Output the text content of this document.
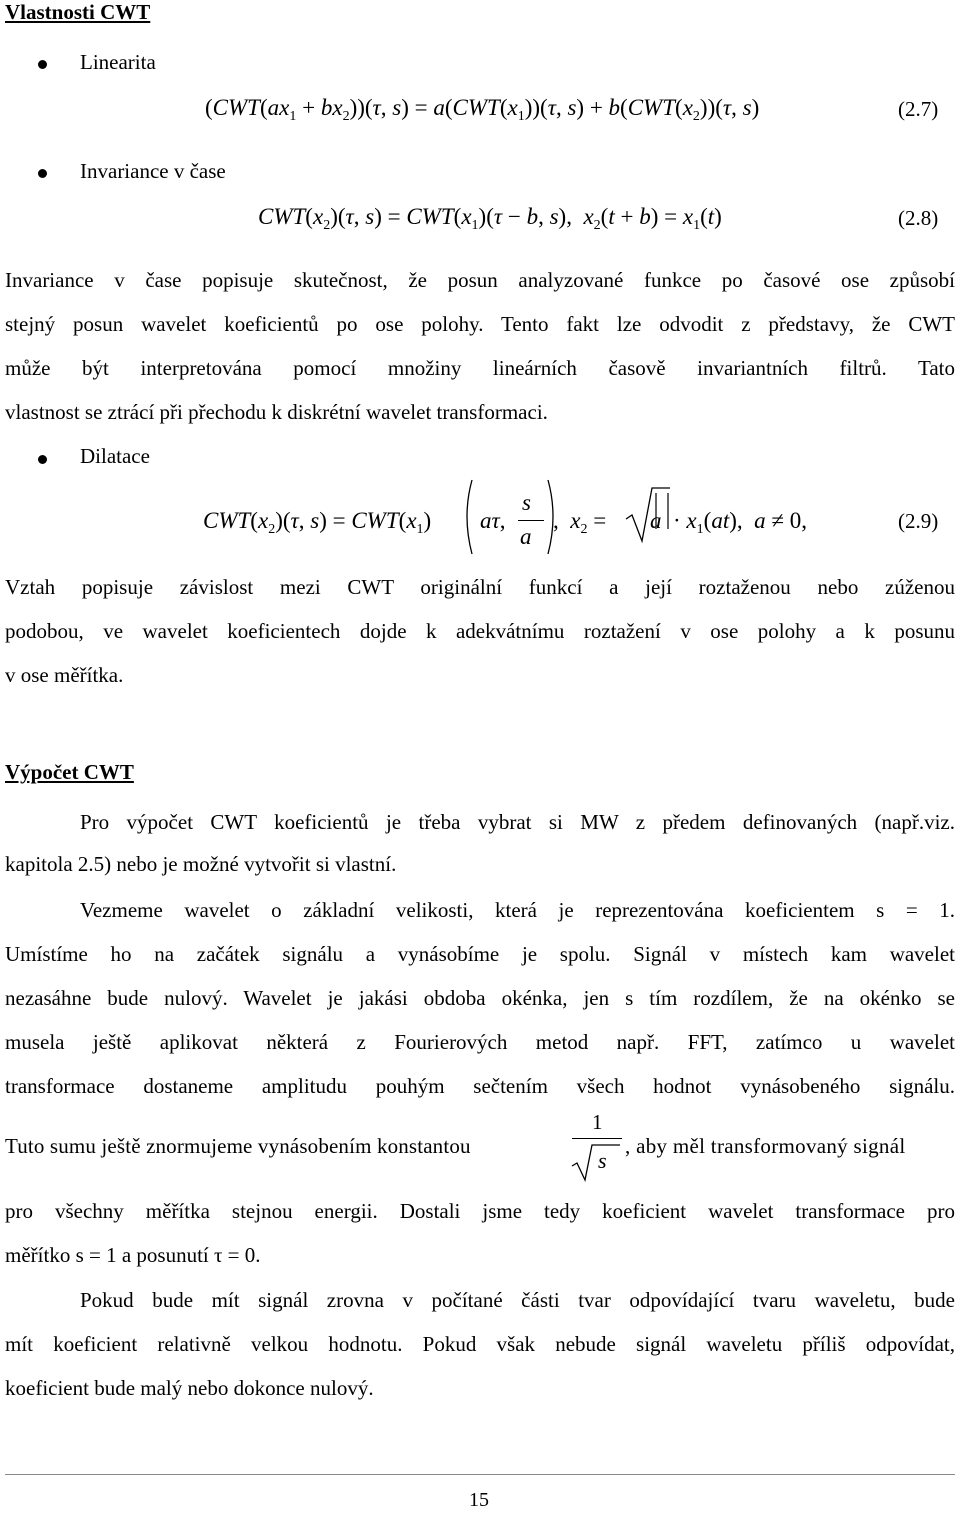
Vlastnosti CWT
Linearita
$(CWT(ax_1 + bx_2))(\tau$, $s) = a(CWT(x_1))(\tau$, $s) + b(CWT(x_2))(\tau$, s)	(2.7)
Invariance v čase
$CWT(x_2)(\tau$, $s) = CWT(x_1)(\tau - b$, s),  $x_2(t + b) = x_1(t)$	(2.8)
Invariance v čase popisuje skutečnost, že posun analyzované funkce po časové ose způsobí
stejný posun wavelet koeficientů po ose polohy. Tento fakt lze odvodit z představy, že CWT
může být interpretována pomocí množiny lineárních časově invariantních filtrů. Tato
vlastnost se ztrácí při přechodu k diskrétní wavelet transformaci.
Dilatace
$CWT(x_2)(\tau$, $s) = CWT(x_1)$ aτ,
s
a
,  $x_2 = a \cdot x_1(at)$,  a ≠ 0,	(2.9)
Vztah popisuje závislost mezi CWT originální funkcí a její roztaženou nebo zúženou
podobou, ve wavelet koeficientech dojde k adekvátnímu roztažení v ose polohy a k posunu
v ose měřítka.
Výpočet CWT
Pro výpočet CWT koeficientů je třeba vybrat si MW z předem definovaných (např.viz.
kapitola 2.5) nebo je možné vytvořit si vlastní.
Vezmeme wavelet o základní velikosti, která je reprezentována koeficientem s = 1.
Umístíme ho na začátek signálu a vynásobíme je spolu. Signál v místech kam wavelet
nezasáhne bude nulový. Wavelet je jakási obdoba okénka, jen s tím rozdílem, že na okénko se
musela ještě aplikovat některá z Fourierových metod např. FFT, zatímco u wavelet
transformace dostaneme amplitudu pouhým sečtením všech hodnot vynásobeného signálu.
Tuto sumu ještě znormujeme vynásobením konstantou
1
s
, aby měl transformovaný signál
pro všechny měřítka stejnou energii. Dostali jsme tedy koeficient wavelet transformace pro
měřítko s = 1 a posunutí τ = 0.
Pokud bude mít signál zrovna v počítané části tvar odpovídající tvaru waveletu, bude
mít koeficient relativně velkou hodnotu. Pokud však nebude signál waveletu příliš odpovídat,
koeficient bude malý nebo dokonce nulový.
15
